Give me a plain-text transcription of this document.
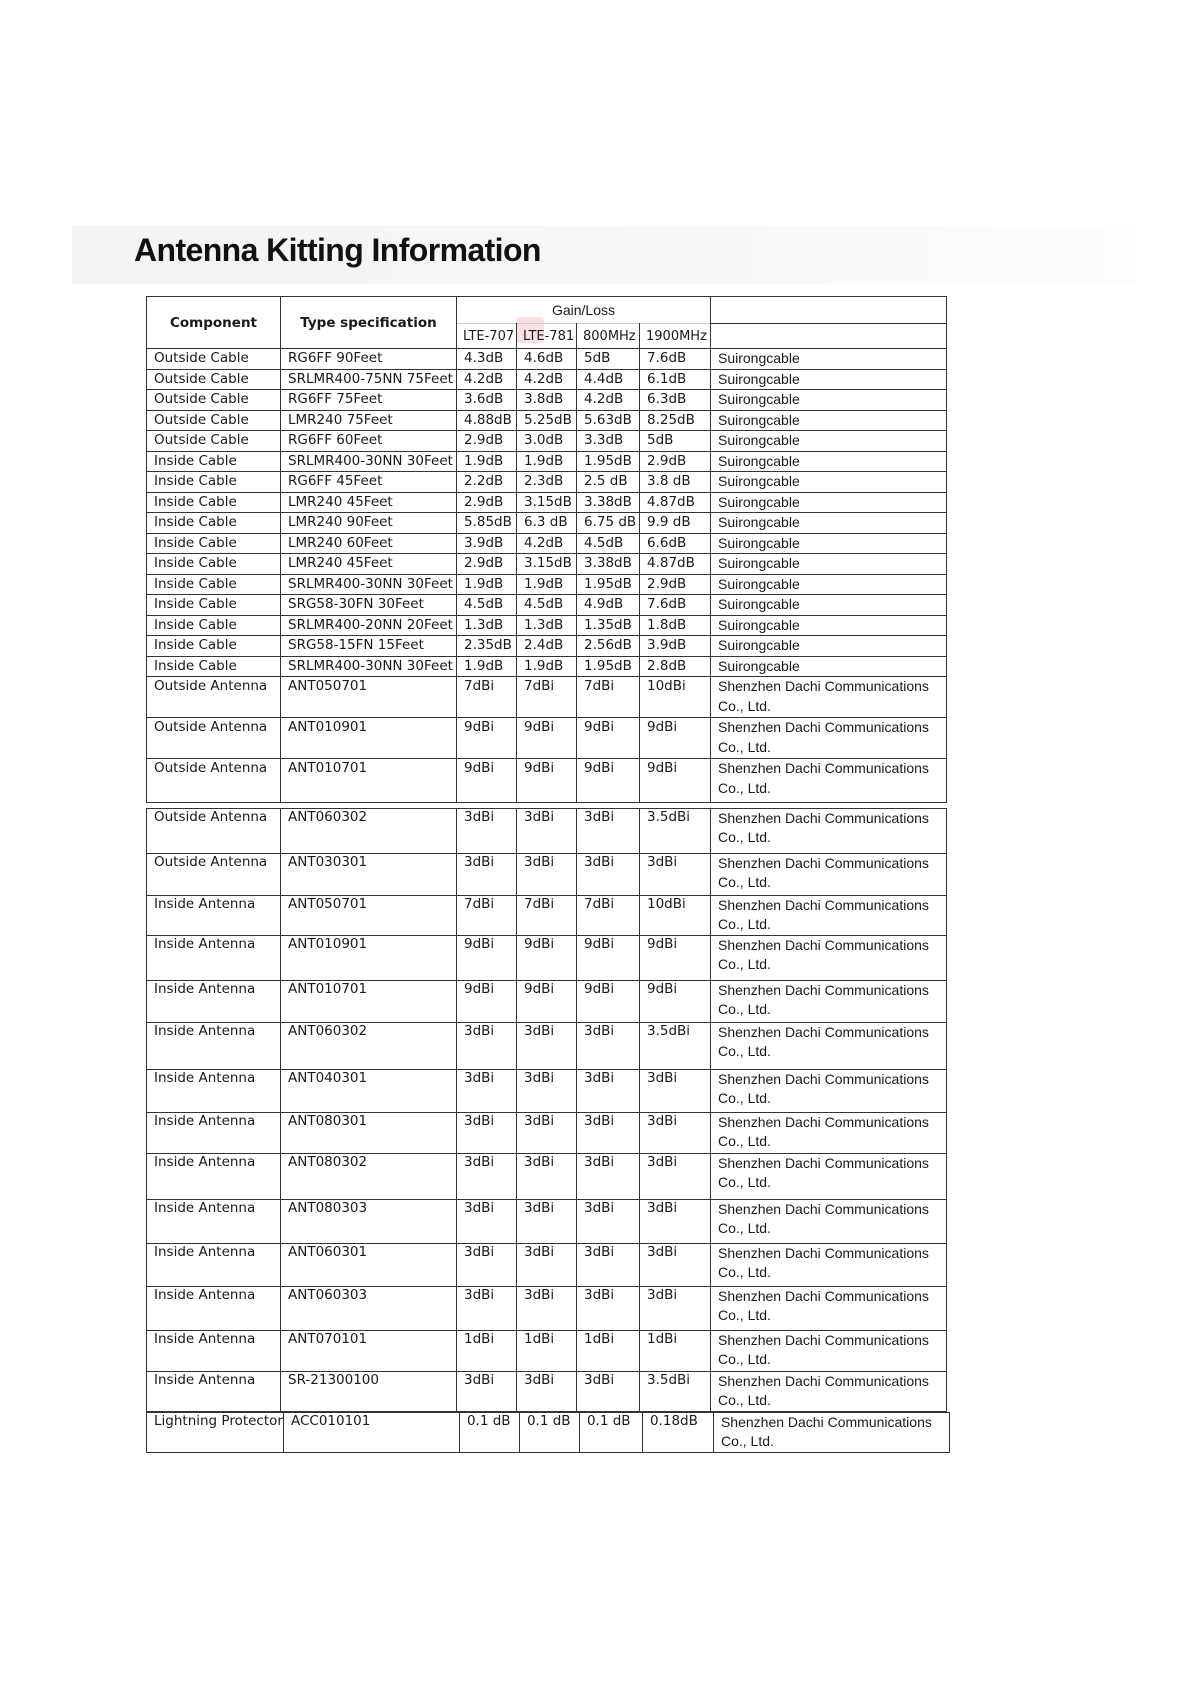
Antenna Kitting Information
Component	Type specification	Gain/Loss				
		LTE-707	LTE-781	800MHz	1900MHz	
Outside Cable	RG6FF 90Feet	4.3dB	4.6dB	5dB	7.6dB	Suirongcable
Outside Cable	SRLMR400-75NN 75Feet	4.2dB	4.2dB	4.4dB	6.1dB	Suirongcable
Outside Cable	RG6FF 75Feet	3.6dB	3.8dB	4.2dB	6.3dB	Suirongcable
Outside Cable	LMR240 75Feet	4.88dB	5.25dB	5.63dB	8.25dB	Suirongcable
Outside Cable	RG6FF 60Feet	2.9dB	3.0dB	3.3dB	5dB	Suirongcable
Inside Cable	SRLMR400-30NN 30Feet	1.9dB	1.9dB	1.95dB	2.9dB	Suirongcable
Inside Cable	RG6FF 45Feet	2.2dB	2.3dB	2.5 dB	3.8 dB	Suirongcable
Inside Cable	LMR240 45Feet	2.9dB	3.15dB	3.38dB	4.87dB	Suirongcable
Inside Cable	LMR240 90Feet	5.85dB	6.3 dB	6.75 dB	9.9 dB	Suirongcable
Inside Cable	LMR240 60Feet	3.9dB	4.2dB	4.5dB	6.6dB	Suirongcable
Inside Cable	LMR240 45Feet	2.9dB	3.15dB	3.38dB	4.87dB	Suirongcable
Inside Cable	SRLMR400-30NN 30Feet	1.9dB	1.9dB	1.95dB	2.9dB	Suirongcable
Inside Cable	SRG58-30FN 30Feet	4.5dB	4.5dB	4.9dB	7.6dB	Suirongcable
Inside Cable	SRLMR400-20NN 20Feet	1.3dB	1.3dB	1.35dB	1.8dB	Suirongcable
Inside Cable	SRG58-15FN 15Feet	2.35dB	2.4dB	2.56dB	3.9dB	Suirongcable
Inside Cable	SRLMR400-30NN 30Feet	1.9dB	1.9dB	1.95dB	2.8dB	Suirongcable
Outside Antenna	ANT050701	7dBi	7dBi	7dBi	10dBi	Shenzhen Dachi Communications Co., Ltd.
Outside Antenna	ANT010901	9dBi	9dBi	9dBi	9dBi	Shenzhen Dachi Communications Co., Ltd.
Outside Antenna	ANT010701	9dBi	9dBi	9dBi	9dBi	Shenzhen Dachi Communications Co., Ltd.
Outside Antenna	ANT060302	3dBi	3dBi	3dBi	3.5dBi	Shenzhen Dachi Communications Co., Ltd.
Outside Antenna	ANT030301	3dBi	3dBi	3dBi	3dBi	Shenzhen Dachi Communications Co., Ltd.
Inside Antenna	ANT050701	7dBi	7dBi	7dBi	10dBi	Shenzhen Dachi Communications Co., Ltd.
Inside Antenna	ANT010901	9dBi	9dBi	9dBi	9dBi	Shenzhen Dachi Communications Co., Ltd.
Inside Antenna	ANT010701	9dBi	9dBi	9dBi	9dBi	Shenzhen Dachi Communications Co., Ltd.
Inside Antenna	ANT060302	3dBi	3dBi	3dBi	3.5dBi	Shenzhen Dachi Communications Co., Ltd.
Inside Antenna	ANT040301	3dBi	3dBi	3dBi	3dBi	Shenzhen Dachi Communications Co., Ltd.
Inside Antenna	ANT080301	3dBi	3dBi	3dBi	3dBi	Shenzhen Dachi Communications Co., Ltd.
Inside Antenna	ANT080302	3dBi	3dBi	3dBi	3dBi	Shenzhen Dachi Communications Co., Ltd.
Inside Antenna	ANT080303	3dBi	3dBi	3dBi	3dBi	Shenzhen Dachi Communications Co., Ltd.
Inside Antenna	ANT060301	3dBi	3dBi	3dBi	3dBi	Shenzhen Dachi Communications Co., Ltd.
Inside Antenna	ANT060303	3dBi	3dBi	3dBi	3dBi	Shenzhen Dachi Communications Co., Ltd.
Inside Antenna	ANT070101	1dBi	1dBi	1dBi	1dBi	Shenzhen Dachi Communications Co., Ltd.
Inside Antenna	SR-21300100	3dBi	3dBi	3dBi	3.5dBi	Shenzhen Dachi Communications Co., Ltd.
Lightning Protector	ACC010101	0.1 dB	0.1 dB	0.1 dB	0.18dB	Shenzhen Dachi Communications Co., Ltd.
